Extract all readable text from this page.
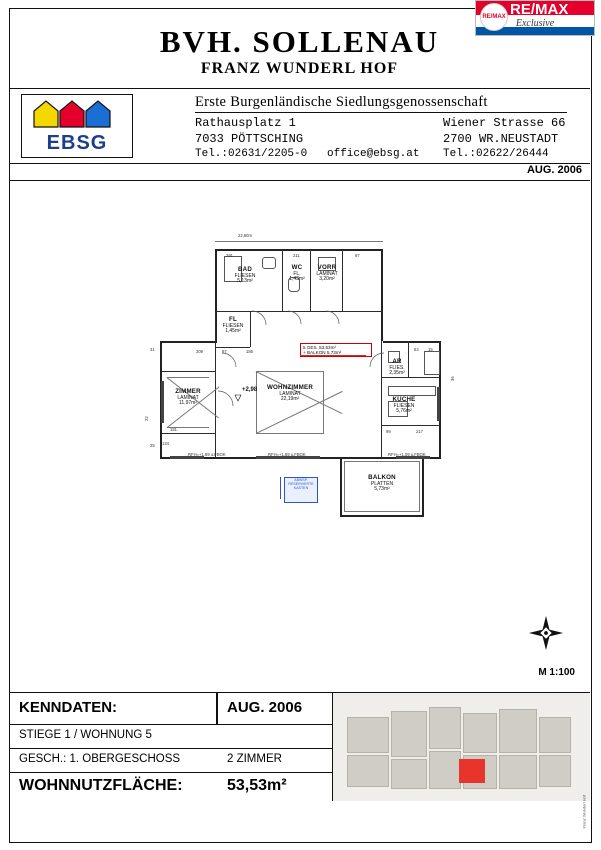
RE/MAX RE/MAX
Exclusive
BVH. SOLLENAU
FRANZ WUNDERL HOF
EBSG
Erste Burgenländische Siedlungsgenossenschaft
Rathausplatz 1
7033 PÖTTSCHING
Tel.:02631/2205-0 office@ebsg.at
Wiener Strasse 66
2700 WR.NEUSTADT
Tel.:02622/26444
AUG. 2006
22,80m
5 GES. 53,53m²
+ BALKON 5,73m²
ABWSP.
RESERVIERTE
KASTEN
+2,98
RFH=+1,89 u.FBOK	RFH=+1,89 u.FBOK	RFH=+1,09 u.FBOK
BAD
FLIESEN
5,13m²
WC
FL.
1,43m²
VORR
LAMINAT
3,20m²
FL
FLIESEN
1,45m²
ZIMMER
LAMINAT
11,97m²
WOHNZIMMER
LAMINAT
22,19m²	KÜCHE
FLIESEN
5,76m²
AR
FLIES.
2,35m²
BALKON
PLATTEN
5,73m²
291	211	87
309	97	185	63 15
181
134
99	217
31
25
22
36
M 1:100
KENNDATEN:	AUG. 2006
STIEGE 1 / WOHNUNG 5
GESCH.: 1. OBERGESCHOSS	2 ZIMMER
WOHNNUTZFLÄCHE:	53,53m²
Franz Wunderl Hof
